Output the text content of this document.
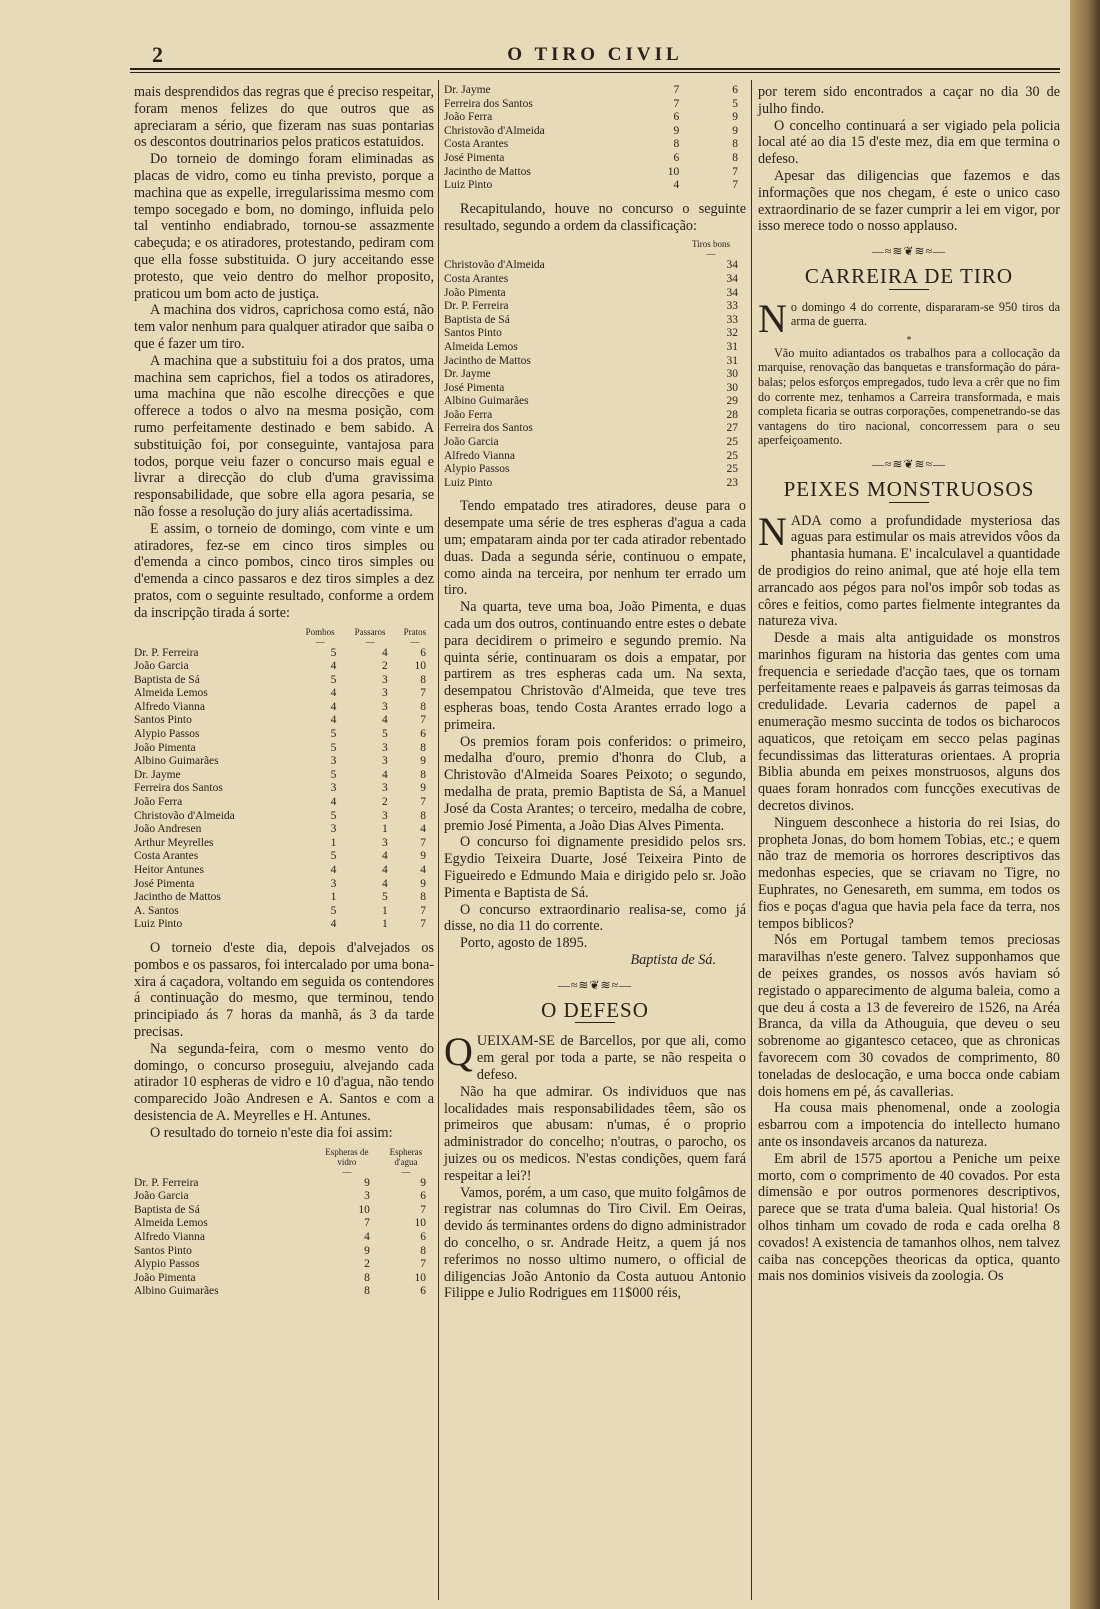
2	O TIRO CIVIL

mais desprendidos das regras que é preciso respeitar, foram menos felizes do que outros que as apreciaram a sério, que fizeram nas suas pontarias os descontos doutrinarios pelos praticos estatuidos.

Do torneio de domingo foram eliminadas as placas de vidro, como eu tinha previsto, porque a machina que as expelle, irregularissima mesmo com tempo socegado e bom, no domingo, influida pelo tal ventinho endiabrado, tornou-se assazmente cabeçuda; e os atiradores, protestando, pediram com que ella fosse substituida. O jury acceitando esse protesto, que veio dentro do melhor proposito, praticou um bom acto de justiça.

A machina dos vidros, caprichosa como está, não tem valor nenhum para qualquer atirador que saiba o que é fazer um tiro.

A machina que a substituiu foi a dos pratos, uma machina sem caprichos, fiel a todos os atiradores, uma machina que não escolhe direcções e que offerece a todos o alvo na mesma posição, com rumo perfeitamente destinado e bem sabido. A substituição foi, por conseguinte, vantajosa para todos, porque veiu fazer o concurso mais egual e livrar a direcção do club d'uma gravissima responsabilidade, que sobre ella agora pesaria, se não fosse a resolução do jury aliás acertadissima.

E assim, o torneio de domingo, com vinte e um atiradores, fez-se em cinco tiros simples ou d'emenda a cinco pombos, cinco tiros simples ou d'emenda a cinco passaros e dez tiros simples a dez pratos, com o seguinte resultado, conforme a ordem da inscripção tirada á sorte:

	Pombos	Passaros	Pratos
	—	—	—
Dr. P. Ferreira	5	4	6
João Garcia	4	2	10
Baptista de Sá	5	3	8
Almeida Lemos	4	3	7
Alfredo Vianna	4	3	8
Santos Pinto	4	4	7
Alypio Passos	5	5	6
João Pimenta	5	3	8
Albino Guimarães	3	3	9
Dr. Jayme	5	4	8
Ferreira dos Santos	3	3	9
João Ferra	4	2	7
Christovão d'Almeida	5	3	8
João Andresen	3	1	4
Arthur Meyrelles	1	3	7
Costa Arantes	5	4	9
Heitor Antunes	4	4	4
José Pimenta	3	4	9
Jacintho de Mattos	1	5	8
A. Santos	5	1	7
Luiz Pinto	4	1	7

O torneio d'este dia, depois d'alvejados os pombos e os passaros, foi intercalado por uma bona-xira á caçadora, voltando em seguida os contendores á continuação do mesmo, que terminou, tendo principiado ás 7 horas da manhã, ás 3 da tarde precisas.

Na segunda-feira, com o mesmo vento do domingo, o concurso proseguiu, alvejando cada atirador 10 espheras de vidro e 10 d'agua, não tendo comparecido João Andresen e A. Santos e com a desistencia de A. Meyrelles e H. Antunes.

O resultado do torneio n'este dia foi assim:

	Espheras de vidro	Espheras d'agua
	—	—
Dr. P. Ferreira	9	9
João Garcia	3	6
Baptista de Sá	10	7
Almeida Lemos	7	10
Alfredo Vianna	4	6
Santos Pinto	9	8
Alypio Passos	2	7
João Pimenta	8	10
Albino Guimarães	8	6
Dr. Jayme	7	6
Ferreira dos Santos	7	5
João Ferra	6	9
Christovão d'Almeida	9	9
Costa Arantes	8	8
José Pimenta	6	8
Jacintho de Mattos	10	7
Luiz Pinto	4	7

Recapitulando, houve no concurso o seguinte resultado, segundo a ordem da classificação:

	Tiros bons
	—
Christovão d'Almeida	34
Costa Arantes	34
João Pimenta	34
Dr. P. Ferreira	33
Baptista de Sá	33
Santos Pinto	32
Almeida Lemos	31
Jacintho de Mattos	31
Dr. Jayme	30
José Pimenta	30
Albino Guimarães	29
João Ferra	28
Ferreira dos Santos	27
João Garcia	25
Alfredo Vianna	25
Alypio Passos	25
Luiz Pinto	23

Tendo empatado tres atiradores, deuse para o desempate uma série de tres espheras d'agua a cada um; empataram ainda por ter cada atirador rebentado duas. Dada a segunda série, continuou o empate, como ainda na terceira, por nenhum ter errado um tiro.

Na quarta, teve uma boa, João Pimenta, e duas cada um dos outros, continuando entre estes o debate para decidirem o primeiro e segundo premio. Na quinta série, continuaram os dois a empatar, por partirem as tres espheras cada um. Na sexta, desempatou Christovão d'Almeida, que teve tres espheras boas, tendo Costa Arantes errado logo a primeira.

Os premios foram pois conferidos: o primeiro, medalha d'ouro, premio d'honra do Club, a Christovão d'Almeida Soares Peixoto; o segundo, medalha de prata, premio Baptista de Sá, a Manuel José da Costa Arantes; o terceiro, medalha de cobre, premio José Pimenta, a João Dias Alves Pimenta.

O concurso foi dignamente presidido pelos srs. Egydio Teixeira Duarte, José Teixeira Pinto de Figueiredo e Edmundo Maia e dirigido pelo sr. João Pimenta e Baptista de Sá.

O concurso extraordinario realisa-se, como já disse, no dia 11 do corrente.

Porto, agosto de 1895.

Baptista de Sá.
—≈≋❦≋≈—
O DEFESO

QUEIXAM-SE de Barcellos, por que ali, como em geral por toda a parte, se não respeita o defeso.

Não ha que admirar. Os individuos que nas localidades mais responsabilidades têem, são os primeiros que abusam: n'umas, é o proprio administrador do concelho; n'outras, o parocho, os juizes ou os medicos. N'estas condições, quem fará respeitar a lei?!

Vamos, porém, a um caso, que muito folgâmos de registrar nas columnas do Tiro Civil. Em Oeiras, devido ás terminantes ordens do digno administrador do concelho, o sr. Andrade Heitz, a quem já nos referimos no nosso ultimo numero, o official de diligencias João Antonio da Costa autuou Antonio Filippe e Julio Rodrigues em 11$000 réis,

por terem sido encontrados a caçar no dia 30 de julho findo.

O concelho continuará a ser vigiado pela policia local até ao dia 15 d'este mez, dia em que termina o defeso.

Apesar das diligencias que fazemos e das informações que nos chegam, é este o unico caso extraordinario de se fazer cumprir a lei em vigor, por isso merece todo o nosso applauso.

—≈≋❦≋≈—
CARREIRA DE TIRO

No domingo 4 do corrente, dispararam-se 950 tiros da arma de guerra.

*

Vão muito adiantados os trabalhos para a collocação da marquise, renovação das banquetas e transformação do pára-balas; pelos esforços empregados, tudo leva a crêr que no fim do corrente mez, tenhamos a Carreira transformada, e mais completa ficaria se outras corporações, compenetrando-se das vantagens do tiro nacional, concorressem para o seu aperfeiçoamento.

—≈≋❦≋≈—
PEIXES MONSTRUOSOS

NADA como a profundidade mysteriosa das aguas para estimular os mais atrevidos vôos da phantasia humana. E' incalculavel a quantidade de prodigios do reino animal, que até hoje ella tem arrancado aos pégos para nol'os impôr sob todas as côres e feitios, como partes fielmente integrantes da natureza viva.

Desde a mais alta antiguidade os monstros marinhos figuram na historia das gentes com uma frequencia e seriedade d'acção taes, que os tornam perfeitamente reaes e palpaveis ás garras teimosas da credulidade. Levaria cadernos de papel a enumeração mesmo succinta de todos os bicharocos aquaticos, que retoiçam em secco pelas paginas fecundissimas das litteraturas orientaes. A propria Biblia abunda em peixes monstruosos, alguns dos quaes foram honrados com funcções executivas de decretos divinos.

Ninguem desconhece a historia do rei Isias, do propheta Jonas, do bom homem Tobias, etc.; e quem não traz de memoria os horrores descriptivos das medonhas especies, que se criavam no Tigre, no Euphrates, no Genesareth, em summa, em todos os fios e poças d'agua que havia pela face da terra, nos tempos biblicos?

Nós em Portugal tambem temos preciosas maravilhas n'este genero. Talvez supponhamos que de peixes grandes, os nossos avós haviam só registado o apparecimento de alguma baleia, como a que deu á costa a 13 de fevereiro de 1526, na Aréa Branca, da villa da Athouguia, que deveu o seu sobrenome ao gigantesco cetaceo, que as chronicas favorecem com 30 covados de comprimento, 80 toneladas de deslocação, e uma bocca onde cabiam dois homens em pé, ás cavallerias.

Ha cousa mais phenomenal, onde a zoologia esbarrou com a impotencia do intellecto humano ante os insondaveis arcanos da natureza.

Em abril de 1575 aportou a Peniche um peixe morto, com o comprimento de 40 covados. Por esta dimensão e por outros pormenores descriptivos, parece que se trata d'uma baleia. Qual historia! Os olhos tinham um covado de roda e cada orelha 8 covados! A existencia de tamanhos olhos, nem talvez caiba nas concepções theoricas da optica, quanto mais nos dominios visiveis da zoologia. Os
